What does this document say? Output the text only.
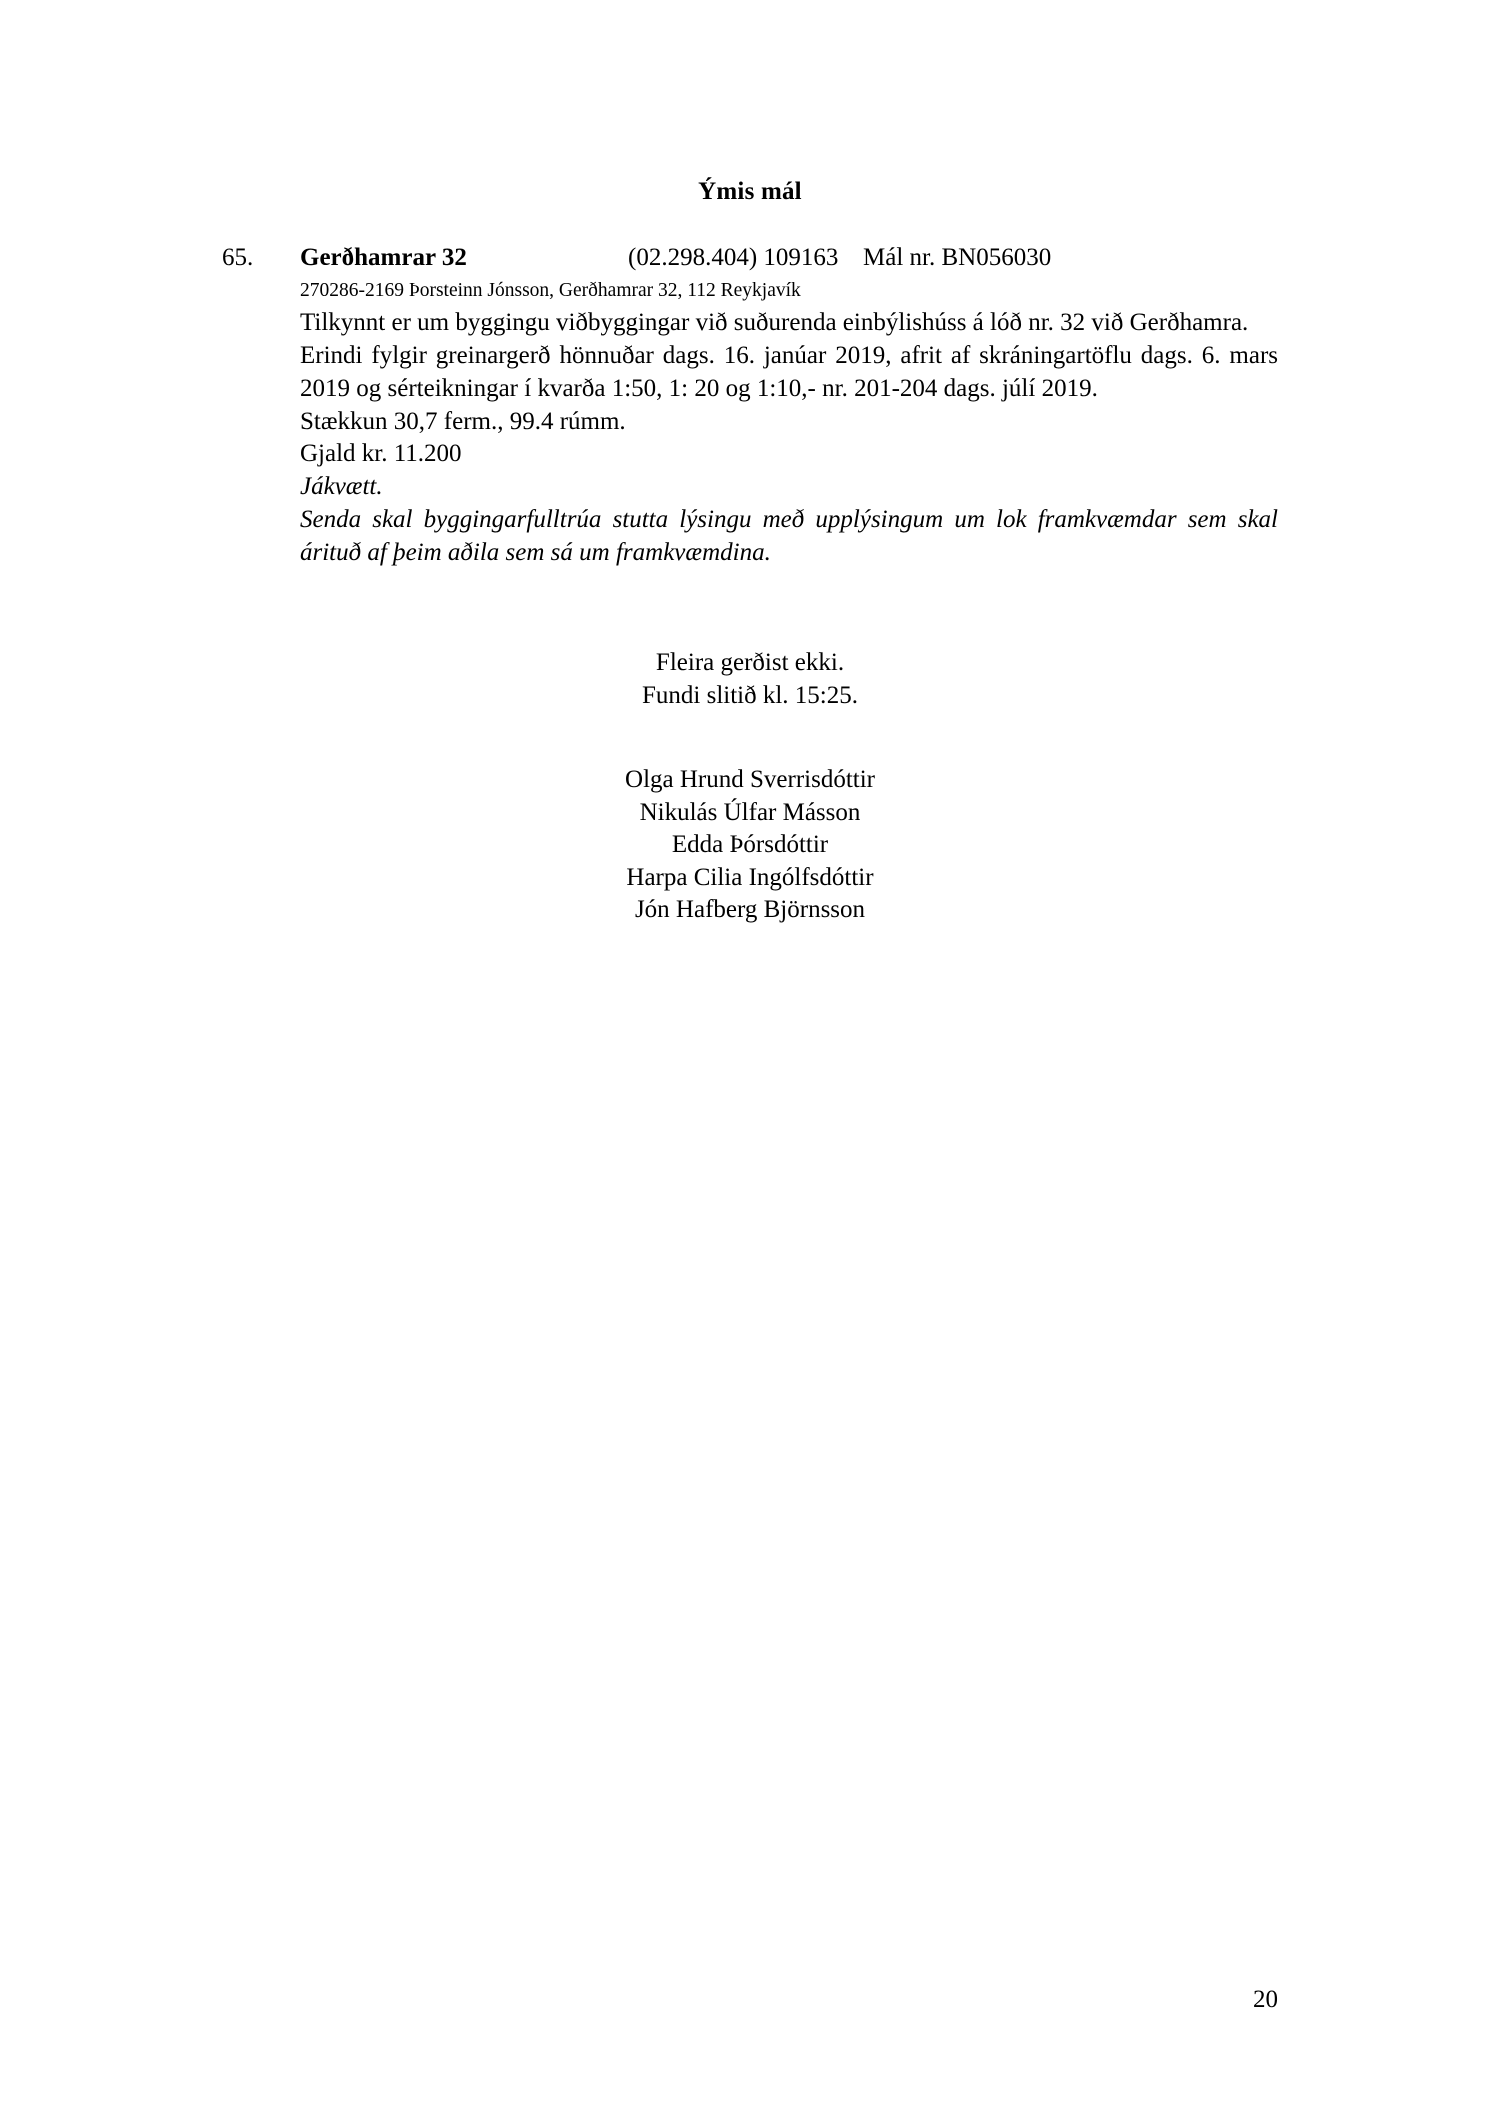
Ýmis mál
65. Gerðhamrar 32	(02.298.404) 109163 Mál nr. BN056030
270286-2169 Þorsteinn Jónsson, Gerðhamrar 32, 112 Reykjavík
Tilkynnt er um byggingu viðbyggingar við suðurenda einbýlishúss á lóð nr. 32 við Gerðhamra.
Erindi fylgir greinargerð hönnuðar dags. 16. janúar 2019, afrit af skráningartöflu dags. 6. mars 2019 og sérteikningar í kvarða 1:50, 1: 20 og 1:10,- nr. 201-204 dags. júlí 2019.
Stækkun 30,7 ferm., 99.4 rúmm.
Gjald kr. 11.200
Jákvætt.
Senda skal byggingarfulltrúa stutta lýsingu með upplýsingum um lok framkvæmdar sem skal árituð af þeim aðila sem sá um framkvæmdina.
Fleira gerðist ekki.
Fundi slitið kl. 15:25.
Olga Hrund Sverrisdóttir
Nikulás Úlfar Másson
Edda Þórsdóttir
Harpa Cilia Ingólfsdóttir
Jón Hafberg Björnsson
20
